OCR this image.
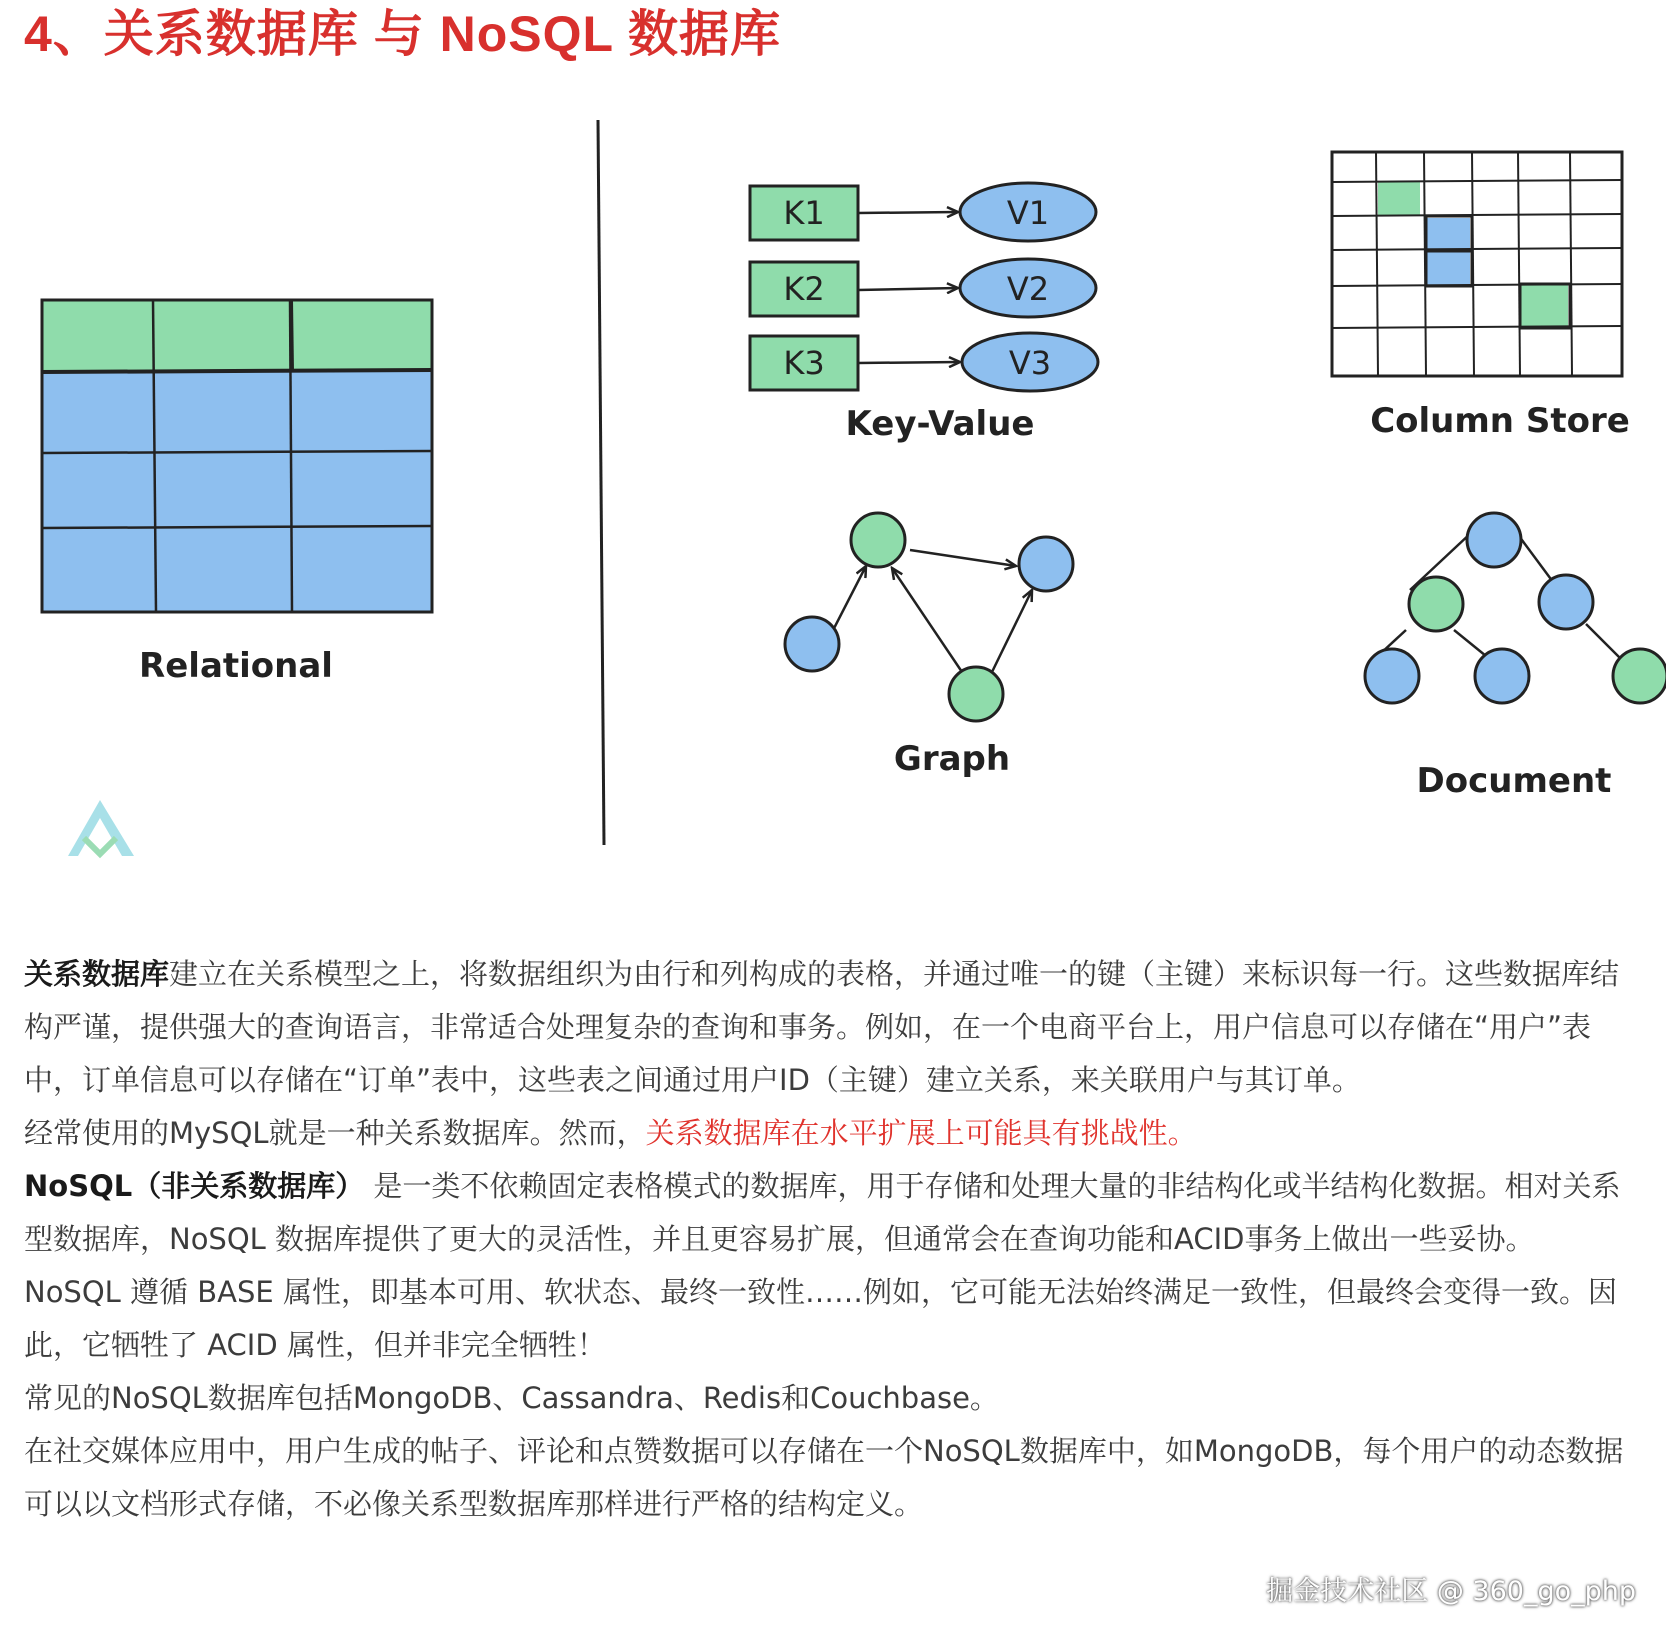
4、关系数据库 与 NoSQL 数据库
Relational
K1
K2
K3
V1
V2
V3
Key-Value	Column Store
Graph
Document

关系数据库建立在关系模型之上，将数据组织为由行和列构成的表格，并通过唯一的键（主键）来标识每一行。这些数据库结构严谨，提供强大的查询语言，非常适合处理复杂的查询和事务。例如，在一个电商平台上，用户信息可以存储在“用户”表中，订单信息可以存储在“订单”表中，这些表之间通过用户ID（主键）建立关系，来关联用户与其订单。

经常使用的MySQL就是一种关系数据库。然而，关系数据库在水平扩展上可能具有挑战性。

NoSQL（非关系数据库） 是一类不依赖固定表格模式的数据库，用于存储和处理大量的非结构化或半结构化数据。相对关系型数据库，NoSQL 数据库提供了更大的灵活性，并且更容易扩展，但通常会在查询功能和ACID事务上做出一些妥协。

NoSQL 遵循 BASE 属性，即基本可用、软状态、最终一致性……例如，它可能无法始终满足一致性，但最终会变得一致。因此，它牺牲了 ACID 属性，但并非完全牺牲！

常见的NoSQL数据库包括MongoDB、Cassandra、Redis和Couchbase。

在社交媒体应用中，用户生成的帖子、评论和点赞数据可以存储在一个NoSQL数据库中，如MongoDB，每个用户的动态数据可以以文档形式存储，不必像关系型数据库那样进行严格的结构定义。

掘金技术社区 @ 360_go_php
